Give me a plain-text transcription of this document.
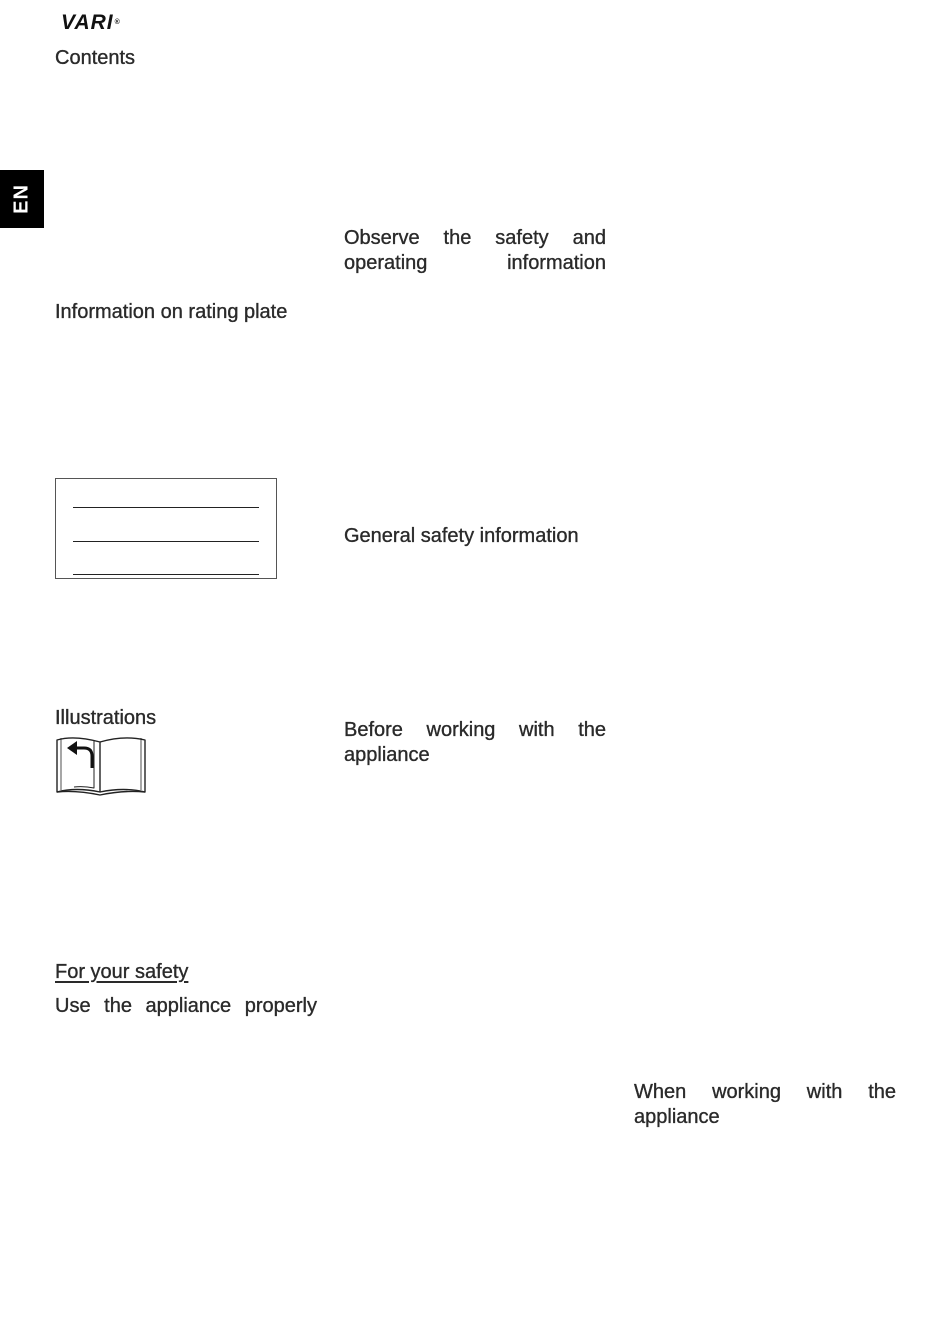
VARI®
EN
Contents
Information on rating plate
Illustrations
For your safety
Use the appliance properly
Observe the safety and operating information
General safety information
Before working with the appliance
When working with the appliance
